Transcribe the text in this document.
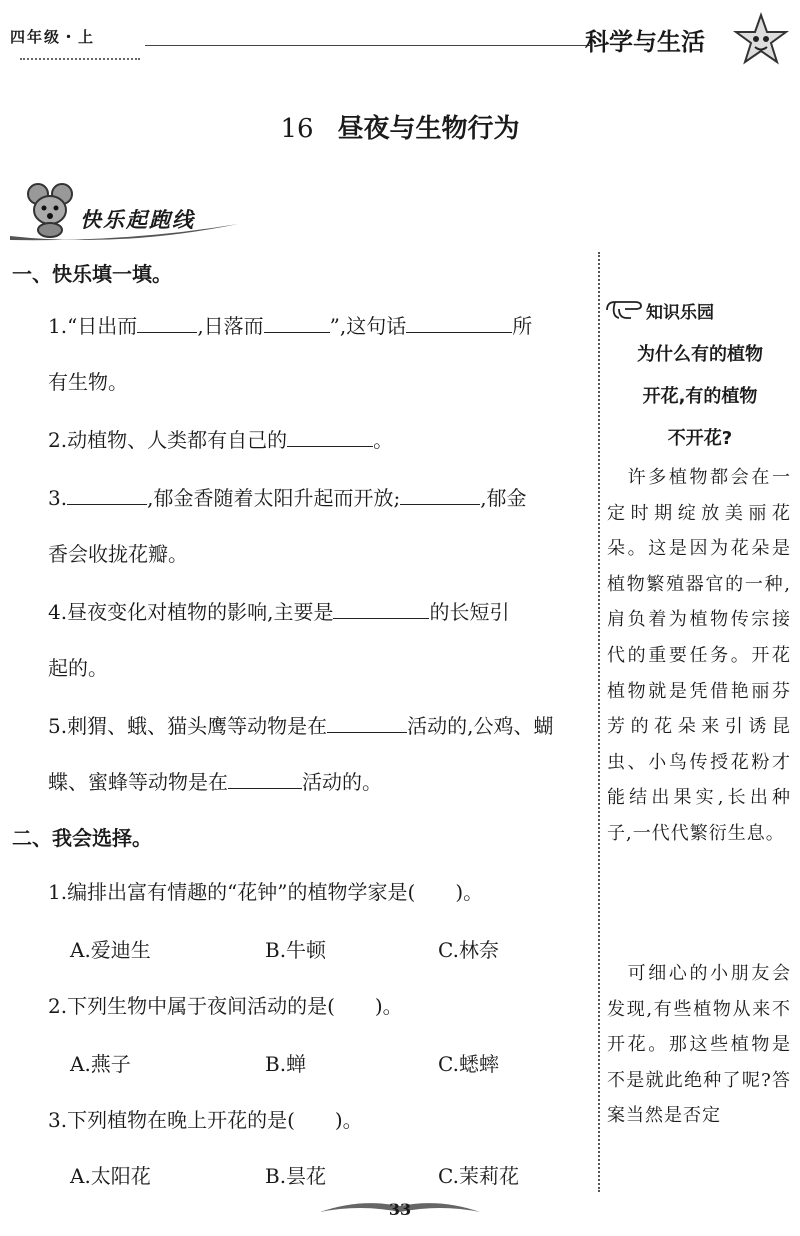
四年级・上	科学与生活
16 昼夜与生物行为
快乐起跑线
一、快乐填一填。
1.“日出而	,日落而	”,这句话	所
有生物。
2.动植物、人类都有自己的	。
3.	,郁金香随着太阳升起而开放;	,郁金
香会收拢花瓣。
4.昼夜变化对植物的影响,主要是	的长短引
起的。
5.刺猬、蛾、猫头鹰等动物是在	活动的,公鸡、蝴
蝶、蜜蜂等动物是在	活动的。
二、我会选择。
1.编排出富有情趣的“花钟”的植物学家是(　　)。
A.爱迪生	B.牛顿	C.林奈
2.下列生物中属于夜间活动的是(　　)。
A.燕子	B.蝉	C.蟋蟀
3.下列植物在晚上开花的是(　　)。
A.太阳花	B.昙花	C.茉莉花
知识乐园
为什么有的植物
开花,有的植物
不开花?
　许多植物都会在一定时期绽放美丽花朵。这是因为花朵是植物繁殖器官的一种,肩负着为植物传宗接代的重要任务。开花植物就是凭借艳丽芬芳的花朵来引诱昆虫、小鸟传授花粉才能结出果实,长出种子,一代代繁衍生息。
　可细心的小朋友会发现,有些植物从来不开花。那这些植物是不是就此绝种了呢?答案当然是否定
33
